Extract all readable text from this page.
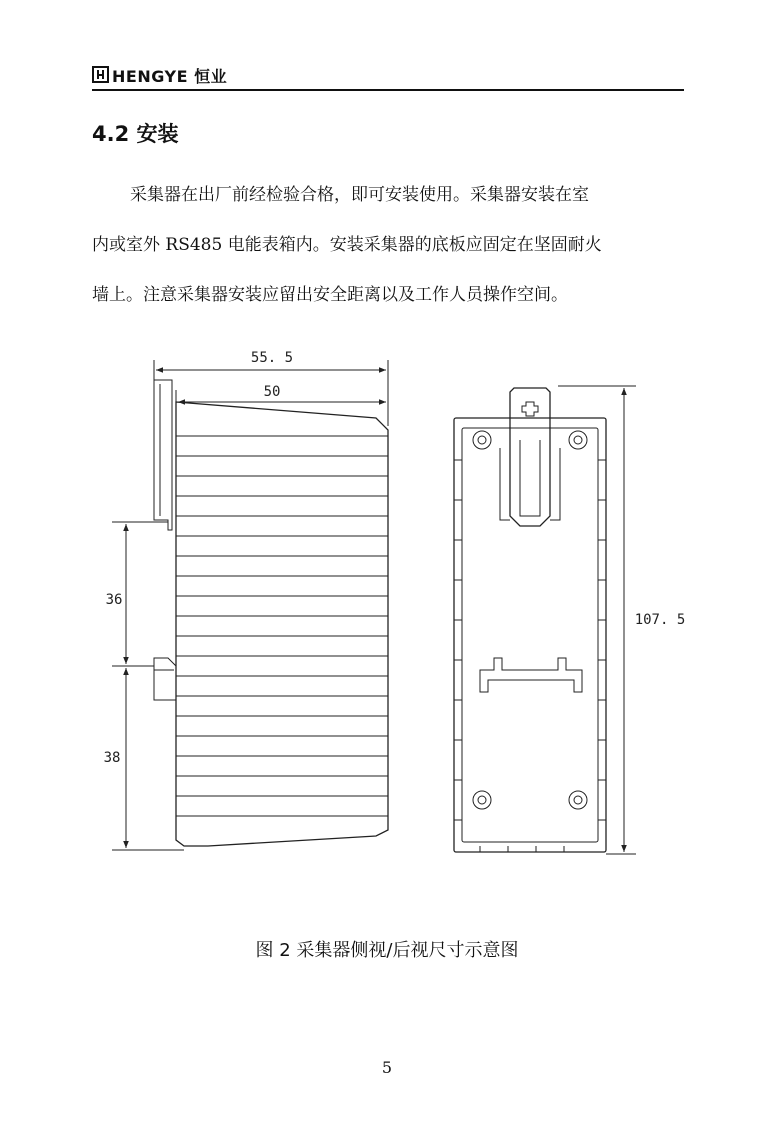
HENGYE 恒业
4.2 安装

采集器在出厂前经检验合格，即可安装使用。采集器安装在室
内或室外 RS485 电能表箱内。安装采集器的底板应固定在坚固耐火
墙上。注意采集器安装应留出安全距离以及工作人员操作空间。

55. 5
50
36
38
107. 5
图 2 采集器侧视/后视尺寸示意图
5
